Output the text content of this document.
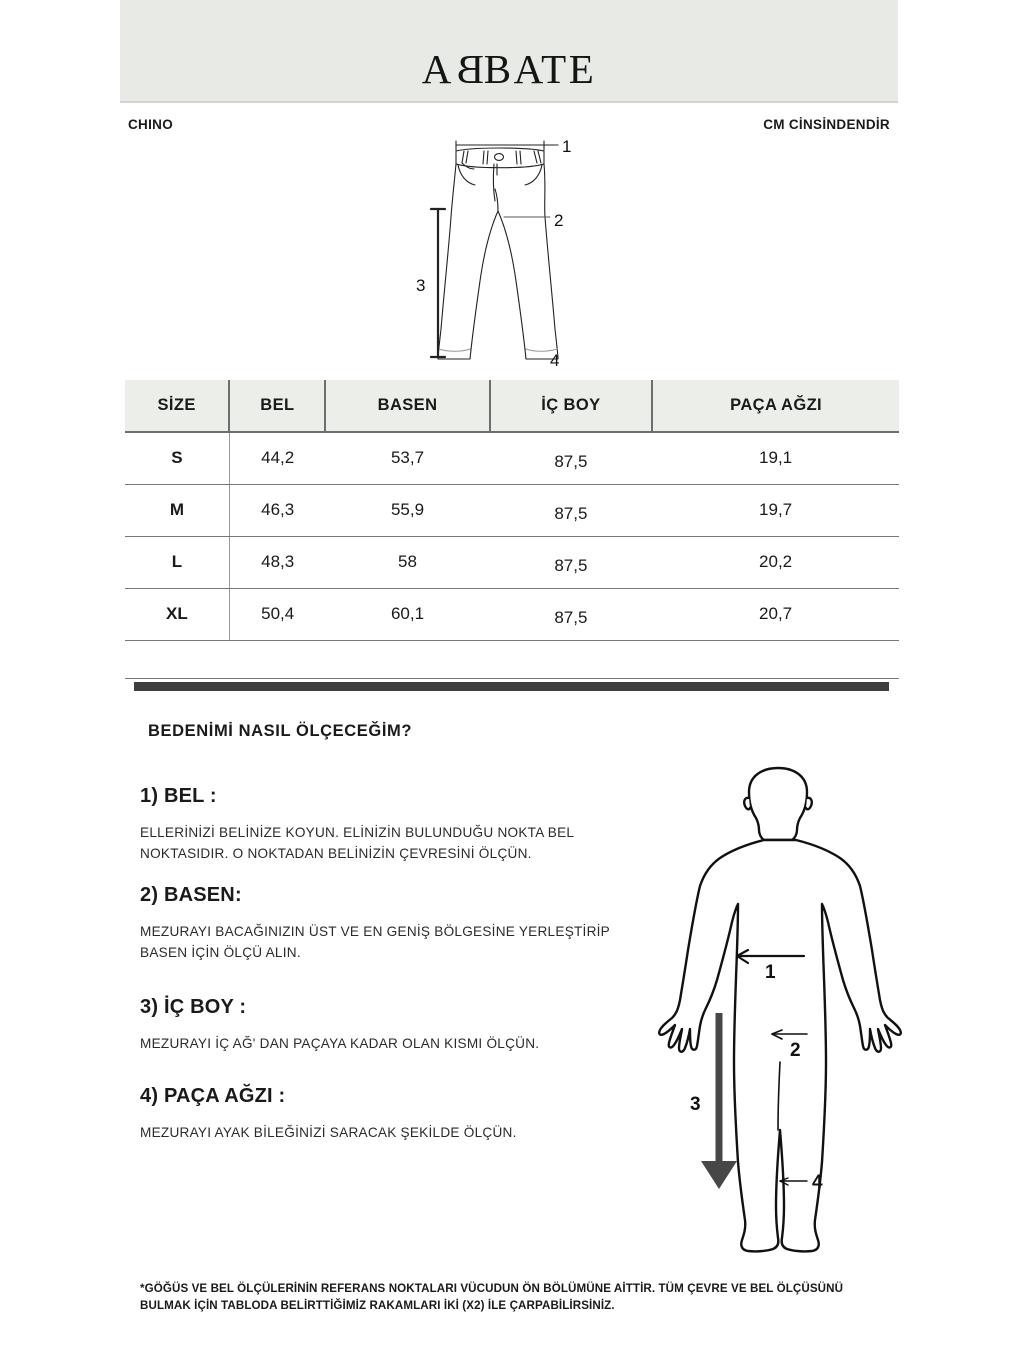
A B BATE
CHINO	CM CİNSİNDENDİR
1
2
3
4
SİZE	BEL	BASEN	İÇ BOY	PAÇA AĞZI
S	44,2	53,7	87,5	19,1
M	46,3	55,9	87,5	19,7
L	48,3	58	87,5	20,2
XL	50,4	60,1	87,5	20,7

BEDENİMİ NASIL ÖLÇECEĞİM?
1) BEL :

ELLERİNİZİ BELİNİZE KOYUN. ELİNİZİN BULUNDUĞU NOKTA BEL NOKTASIDIR. O NOKTADAN BELİNİZİN ÇEVRESİNİ ÖLÇÜN.

2) BASEN:

MEZURAYI BACAĞINIZIN ÜST VE EN GENİŞ BÖLGESİNE YERLEŞTİRİP BASEN İÇİN ÖLÇÜ ALIN.

3) İÇ BOY :

MEZURAYI İÇ AĞ' DAN PAÇAYA KADAR OLAN KISMI ÖLÇÜN.

4) PAÇA AĞZI :

MEZURAYI AYAK BİLEĞİNİZİ SARACAK ŞEKİLDE ÖLÇÜN.

1
2
3
4
*GÖĞÜS VE BEL ÖLÇÜLERİNİN REFERANS NOKTALARI VÜCUDUN ÖN BÖLÜMÜNE AİTTİR. TÜM ÇEVRE VE BEL ÖLÇÜSÜNÜ
BULMAK İÇİN TABLODA BELİRTTİĞİMİZ RAKAMLARI İKİ (X2) İLE ÇARPABİLİRSİNİZ.
